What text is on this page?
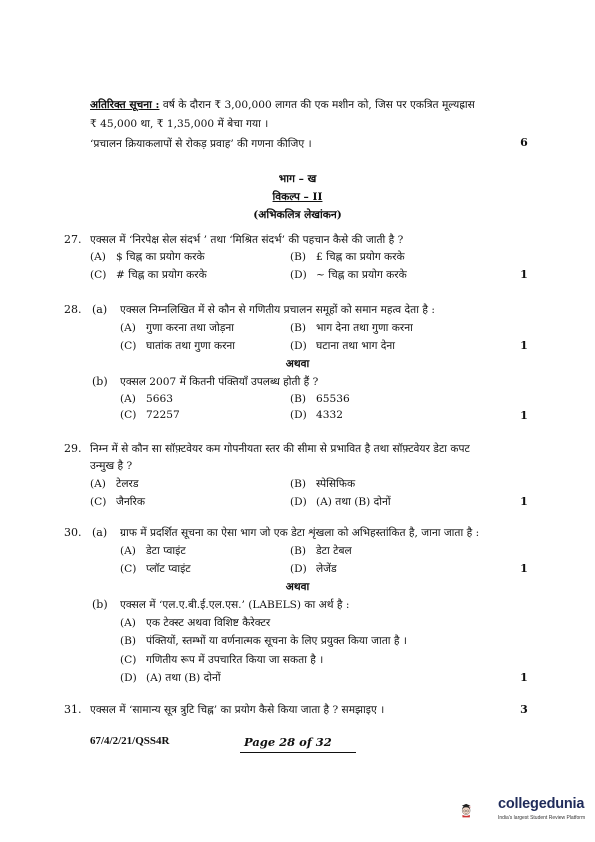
अतिरिक्त सूचना : वर्ष के दौरान ₹ 3,00,000 लागत की एक मशीन को, जिस पर एकत्रित मूल्यह्रास
₹ 45,000 था, ₹ 1,35,000 में बेचा गया ।
‘प्रचालन क्रियाकलापों से रोकड़ प्रवाह’ की गणना कीजिए ।	6
भाग – ख
विकल्प – II
(अभिकलित्र लेखांकन)
27. एक्सल में ‘निरपेक्ष सेल संदर्भ ’ तथा ‘मिश्रित संदर्भ’ की पहचान कैसे की जाती है ?
(A) $ चिह्न का प्रयोग करके	(B) £ चिह्न का प्रयोग करके
(C) # चिह्न का प्रयोग करके	(D) ~ चिह्न का प्रयोग करके	1
28. (a) एक्सल निम्नलिखित में से कौन से गणितीय प्रचालन समूहों को समान महत्व देता है :
(A) गुणा करना तथा जोड़ना	(B) भाग देना तथा गुणा करना
(C) घातांक तथा गुणा करना	(D) घटाना तथा भाग देना	1
अथवा
(b) एक्सल 2007 में कितनी पंक्तियाँ उपलब्ध होती हैं ?
(A) 5663	(B) 65536
(C) 72257	(D) 4332	1
29. निम्न में से कौन सा सॉफ़्टवेयर कम गोपनीयता स्तर की सीमा से प्रभावित है तथा सॉफ़्टवेयर डेटा कपट
उन्मुख है ?
(A) टेलरड	(B) स्पेसिफिक
(C) जैनरिक	(D) (A) तथा (B) दोनों	1
30. (a) ग्राफ में प्रदर्शित सूचना का ऐसा भाग जो एक डेटा शृंखला को अभिहस्तांकित है, जाना जाता है :
(A) डेटा प्वाइंट	(B) डेटा टेबल
(C) प्लॉट प्वाइंट	(D) लेजेंड	1
अथवा
(b) एक्सल में ‘एल.ए.बी.ई.एल.एस.’ (LABELS) का अर्थ है :
(A) एक टेक्स्ट अथवा विशिष्ट कैरेक्टर
(B) पंक्तियों, स्तम्भों या वर्णनात्मक सूचना के लिए प्रयुक्त किया जाता है ।
(C) गणितीय रूप में उपचारित किया जा सकता है ।
(D) (A) तथा (B) दोनों	1
31. एक्सल में ‘सामान्य सूत्र त्रुटि चिह्न’ का प्रयोग कैसे किया जाता है ? समझाइए ।	3
67/4/2/21/QSS4R	Page 28 of 32
collegedunia
India's largest Student Review Platform
